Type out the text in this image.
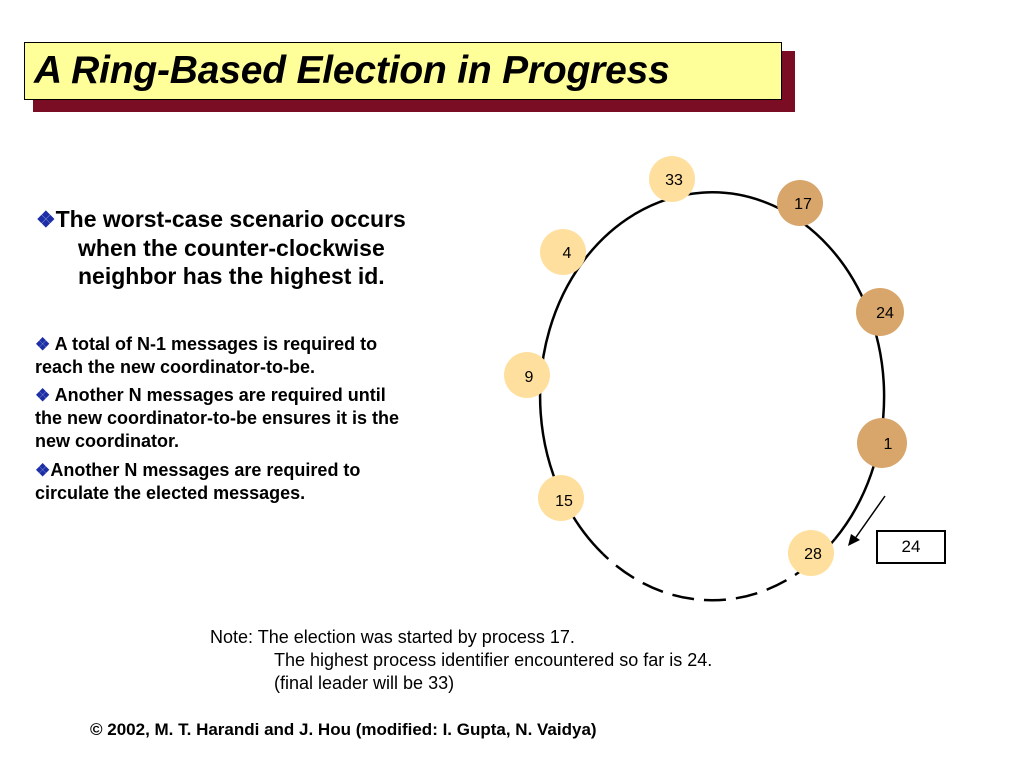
A Ring-Based Election in Progress
❖The worst-case scenario occurs
when the counter-clockwise
neighbor has the highest id.
❖ A total of N-1 messages is required to
reach the new coordinator-to-be.
❖ Another N messages are required until
the new coordinator-to-be ensures it is the
new coordinator.
❖Another N messages are required to
circulate the elected messages.
33
17
24
1
28
15
9
4
24
Note: The election was started by process 17.
The highest process identifier encountered so far is 24.
(final leader will be 33)
© 2002, M. T. Harandi and J. Hou (modified: I. Gupta, N. Vaidya)
